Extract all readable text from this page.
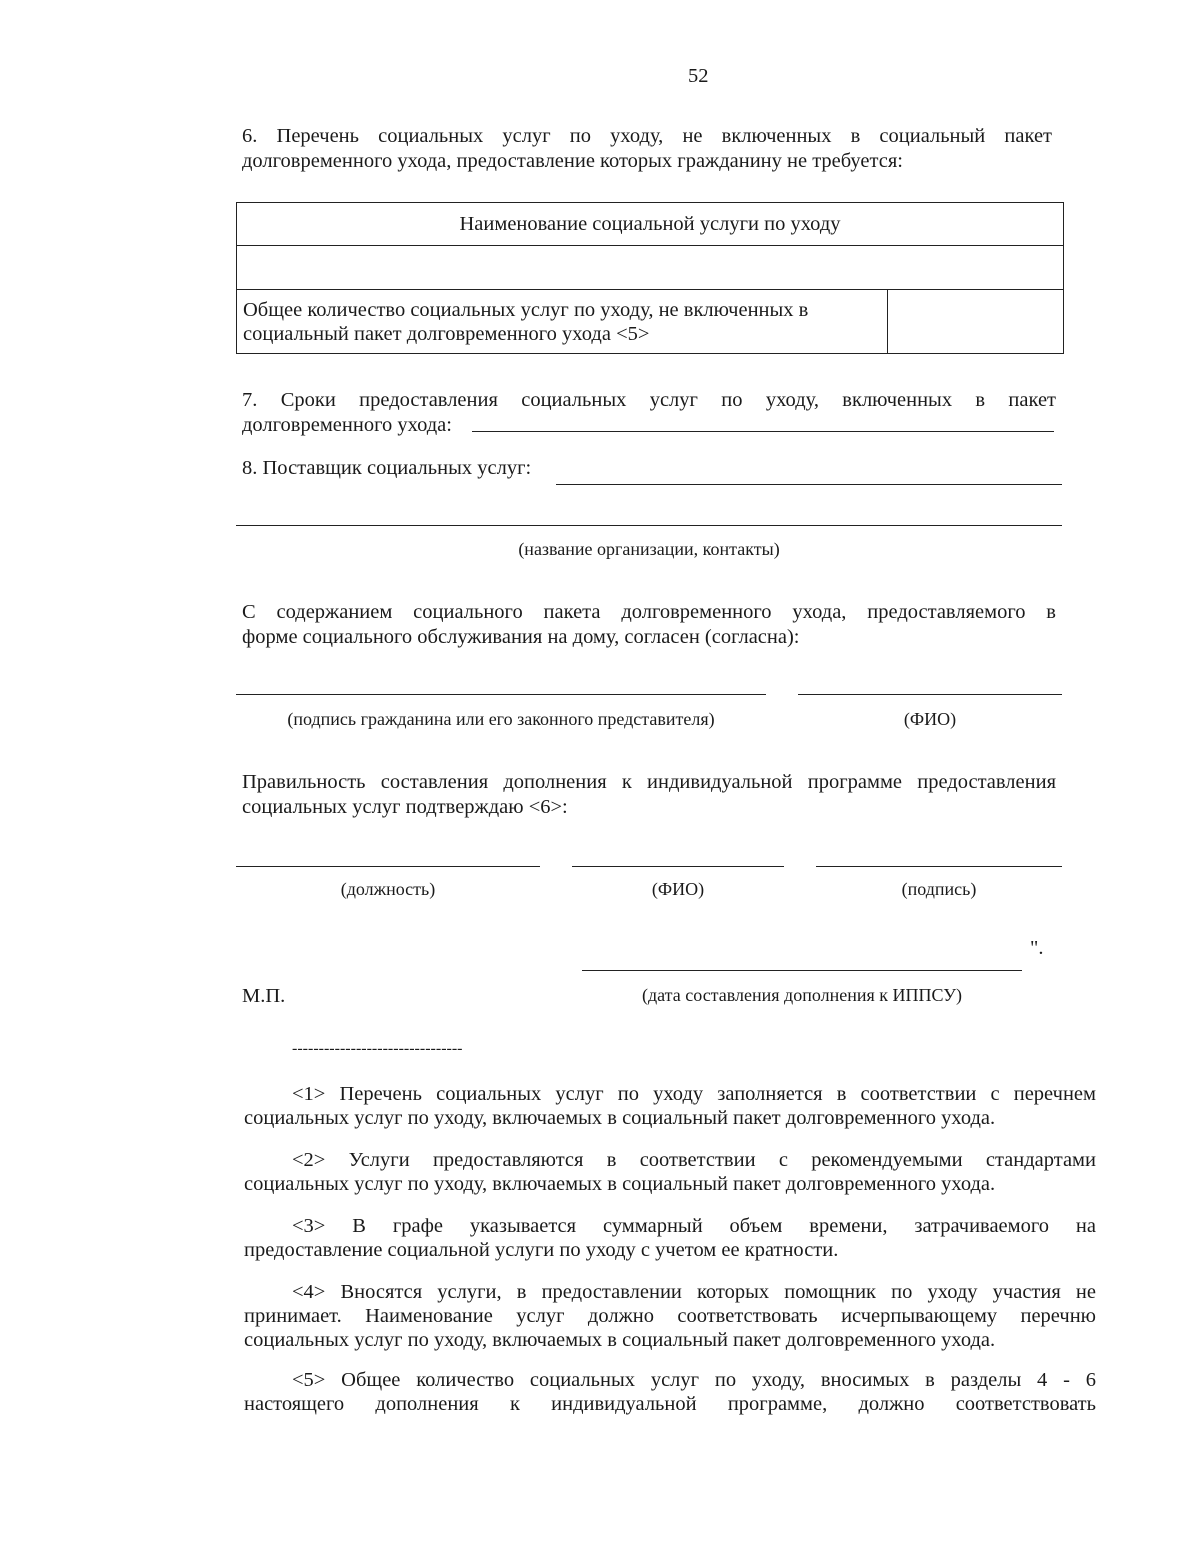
52
6. Перечень социальных услуг по уходу, не включенных в социальный пакет
долговременного ухода, предоставление которых гражданину не требуется:
Наименование социальной услуги по уходу

Общее количество социальных услуг по уходу, не включенных в
социальный пакет долговременного ухода <5>

7. Сроки предоставления социальных услуг по уходу, включенных в пакет
долговременного ухода:
8. Поставщик социальных услуг:
(название организации, контакты)
С содержанием социального пакета долговременного ухода, предоставляемого в
форме социального обслуживания на дому, согласен (согласна):
(подпись гражданина или его законного представителя)	(ФИО)
Правильность составления дополнения к индивидуальной программе предоставления
социальных услуг подтверждаю <6>:
(должность)	(ФИО)	(подпись)
".
М.П.	(дата составления дополнения к ИППСУ)
--------------------------------

<1> Перечень социальных услуг по уходу заполняется в соответствии с перечнем
социальных услуг по уходу, включаемых в социальный пакет долговременного ухода.

<2> Услуги предоставляются в соответствии с рекомендуемыми стандартами
социальных услуг по уходу, включаемых в социальный пакет долговременного ухода.

<3> В графе указывается суммарный объем времени, затрачиваемого на
предоставление социальной услуги по уходу с учетом ее кратности.

<4> Вносятся услуги, в предоставлении которых помощник по уходу участия не
принимает. Наименование услуг должно соответствовать исчерпывающему перечню социальных услуг по уходу, включаемых в социальный пакет долговременного ухода.

<5> Общее количество социальных услуг по уходу, вносимых в разделы 4 - 6
настоящего дополнения к индивидуальной программе, должно соответствовать
